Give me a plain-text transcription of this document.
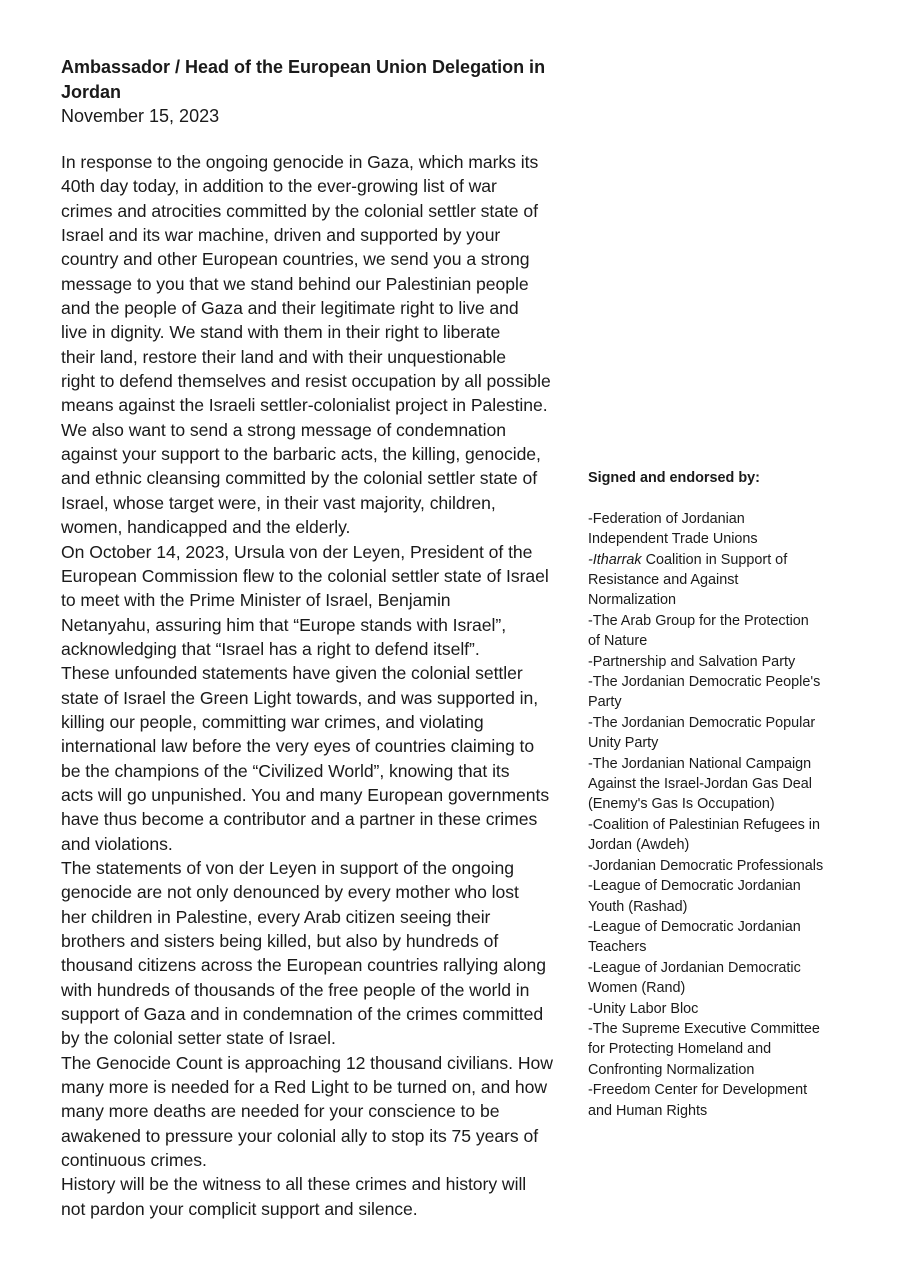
Ambassador / Head of the European Union Delegation in
Jordan

November 15, 2023

In response to the ongoing genocide in Gaza, which marks its
40th day today, in addition to the ever-growing list of war
crimes and atrocities committed by the colonial settler state of
Israel and its war machine, driven and supported by your
country and other European countries, we send you a strong
message to you that we stand behind our Palestinian people
and the people of Gaza and their legitimate right to live and
live in dignity. We stand with them in their right to liberate
their land, restore their land and with their unquestionable
right to defend themselves and resist occupation by all possible
means against the Israeli settler-colonialist project in Palestine.
We also want to send a strong message of condemnation
against your support to the barbaric acts, the killing, genocide,
and ethnic cleansing committed by the colonial settler state of
Israel, whose target were, in their vast majority, children,
women, handicapped and the elderly.
On October 14, 2023, Ursula von der Leyen, President of the
European Commission flew to the colonial settler state of Israel
to meet with the Prime Minister of Israel, Benjamin
Netanyahu, assuring him that “Europe stands with Israel”,
acknowledging that “Israel has a right to defend itself”.
These unfounded statements have given the colonial settler
state of Israel the Green Light towards, and was supported in,
killing our people, committing war crimes, and violating
international law before the very eyes of countries claiming to
be the champions of the “Civilized World”, knowing that its
acts will go unpunished. You and many European governments
have thus become a contributor and a partner in these crimes
and violations.
The statements of von der Leyen in support of the ongoing
genocide are not only denounced by every mother who lost
her children in Palestine, every Arab citizen seeing their
brothers and sisters being killed, but also by hundreds of
thousand citizens across the European countries rallying along
with hundreds of thousands of the free people of the world in
support of Gaza and in condemnation of the crimes committed
by the colonial setter state of Israel.
The Genocide Count is approaching 12 thousand civilians. How
many more is needed for a Red Light to be turned on, and how
many more deaths are needed for your conscience to be
awakened to pressure your colonial ally to stop its 75 years of
continuous crimes.
History will be the witness to all these crimes and history will
not pardon your complicit support and silence.

Signed and endorsed by:

-Federation of Jordanian
Independent Trade Unions
-Itharrak Coalition in Support of
Resistance and Against
Normalization
-The Arab Group for the Protection
of Nature
-Partnership and Salvation Party
-The Jordanian Democratic People's
Party
-The Jordanian Democratic Popular
Unity Party
-The Jordanian National Campaign
Against the Israel-Jordan Gas Deal
(Enemy's Gas Is Occupation)
-Coalition of Palestinian Refugees in
Jordan (Awdeh)
-Jordanian Democratic Professionals
-League of Democratic Jordanian
Youth (Rashad)
-League of Democratic Jordanian
Teachers
-League of Jordanian Democratic
Women (Rand)
-Unity Labor Bloc
-The Supreme Executive Committee
for Protecting Homeland and
Confronting Normalization
-Freedom Center for Development
and Human Rights
